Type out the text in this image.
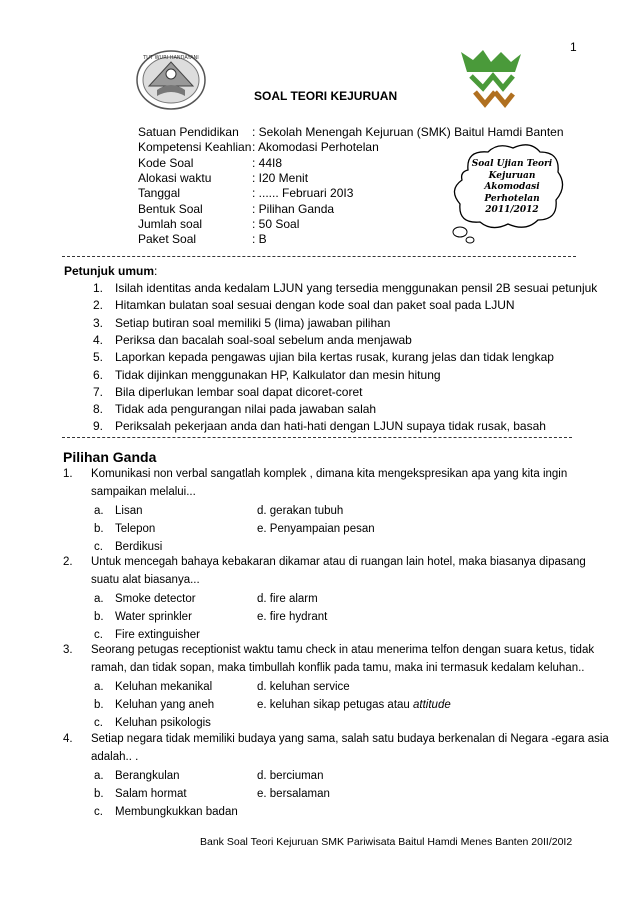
1
TUT WURI HANDAYANI
SOAL TEORI KEJURUAN
Satuan Pendidikan : Sekolah Menengah Kejuruan (SMK) Baitul Hamdi Banten
Kompetensi Keahlian : Akomodasi Perhotelan
Kode Soal	: 44I8
Alokasi waktu	: I20 Menit
Tanggal	: ...... Februari 20I3
Bentuk Soal	: Pilihan Ganda
Jumlah soal	: 50 Soal
Paket Soal	: B
Soal Ujian Teori
Kejuruan
Akomodasi
Perhotelan
2011/2012
Petunjuk umum:
1. Isilah identitas anda kedalam LJUN yang tersedia menggunakan pensil 2B sesuai petunjuk
2. Hitamkan bulatan soal sesuai dengan kode soal dan paket soal pada LJUN
3. Setiap butiran soal memiliki 5 (lima) jawaban pilihan
4. Periksa dan bacalah soal-soal sebelum anda menjawab
5. Laporkan kepada pengawas ujian bila kertas rusak, kurang jelas dan tidak lengkap
6. Tidak dijinkan menggunakan HP, Kalkulator dan mesin hitung
7. Bila diperlukan lembar soal dapat dicoret-coret
8. Tidak ada pengurangan nilai pada jawaban salah
9. Periksalah pekerjaan anda dan hati-hati dengan LJUN supaya tidak rusak, basah
Pilihan Ganda
1. Komunikasi non verbal sangatlah komplek , dimana kita mengekspresikan apa yang kita ingin
sampaikan melalui...
a. Lisan	d. gerakan tubuh
b. Telepon	e. Penyampaian pesan
c. Berdikusi
2. Untuk mencegah bahaya kebakaran dikamar atau di ruangan lain hotel, maka biasanya dipasang
suatu alat biasanya...
a. Smoke detector	d. fire alarm
b. Water sprinkler	e. fire hydrant
c. Fire extinguisher
3. Seorang petugas receptionist waktu tamu check in atau menerima telfon dengan suara ketus, tidak
ramah, dan tidak sopan, maka timbullah konflik pada tamu, maka ini termasuk kedalam keluhan..
a. Keluhan mekanikal	d. keluhan service
b. Keluhan yang aneh	e. keluhan sikap petugas atau attitude
c. Keluhan psikologis
4. Setiap negara tidak memiliki budaya yang sama, salah satu budaya berkenalan di Negara -egara asia
adalah.. .
a. Berangkulan	d. berciuman
b. Salam hormat	e. bersalaman
c. Membungkukkan badan
Bank Soal Teori Kejuruan SMK Pariwisata Baitul Hamdi Menes Banten 20II/20I2
